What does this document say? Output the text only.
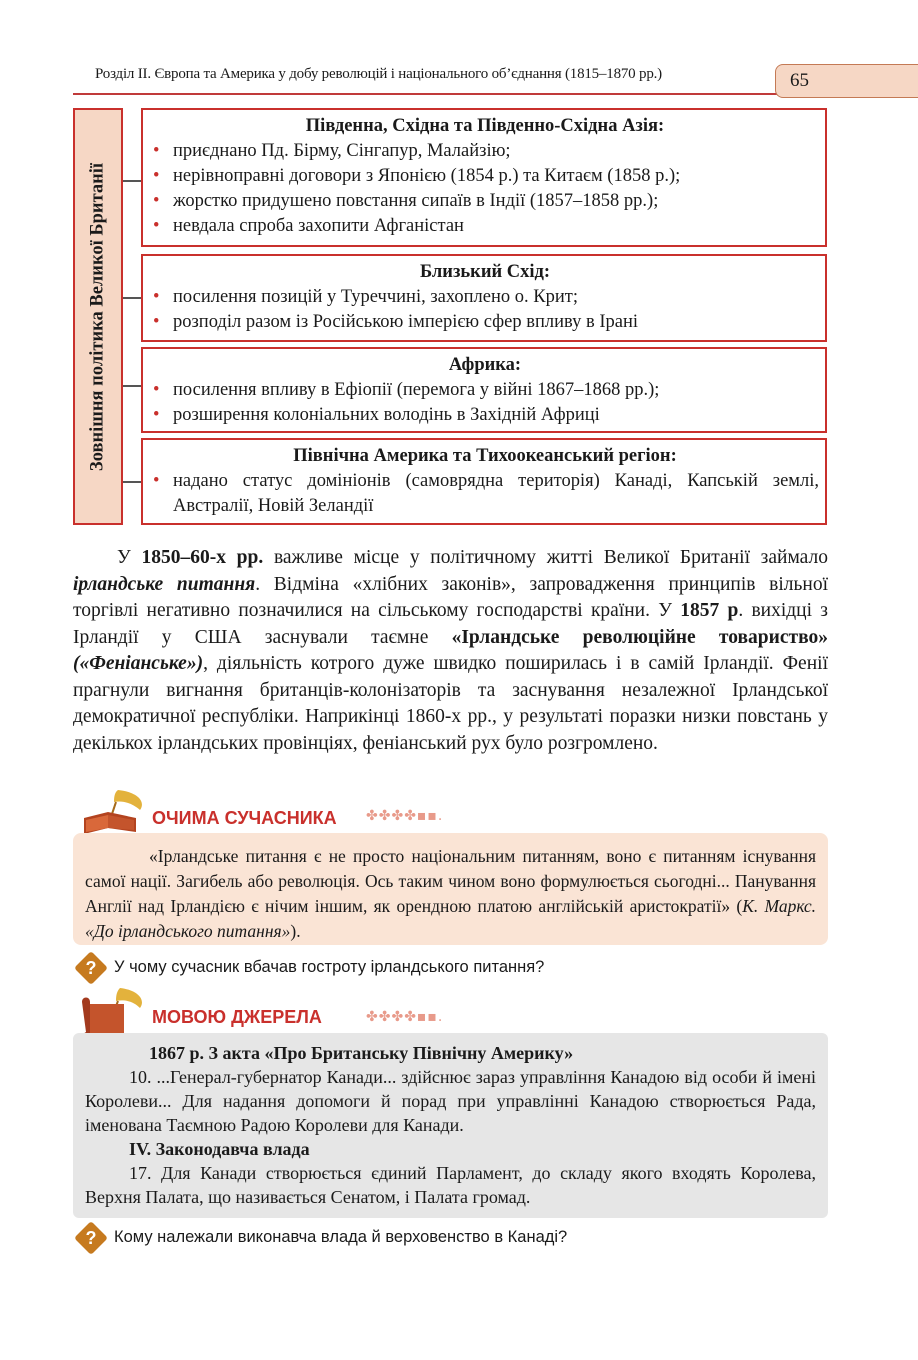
Розділ ІІ. Європа та Америка у добу революцій і національного об’єднання (1815–1870 рр.)	65
Зовнішня політика Великої Британії
Південна, Східна та Південно-Східна Азія:
• приєднано Пд. Бірму, Сінгапур, Малайзію;
• нерівноправні договори з Японією (1854 р.) та Китаєм (1858 р.);
• жорстко придушено повстання сипаїв в Індії (1857–1858 рр.);
• невдала спроба захопити Афганістан
Близький Схід:
• посилення позицій у Туреччині, захоплено о. Крит;
• розподіл разом із Російською імперією сфер впливу в Ірані
Африка:
• посилення впливу в Ефіопії (перемога у війні 1867–1868 рр.);
• розширення колоніальних володінь в Західній Африці
Північна Америка та Тихоокеанський регіон:
• надано статус домініонів (самоврядна територія) Канаді, Капській землі, Австралії, Новій Зеландії

У 1850–60-х рр. важливе місце у політичному житті Великої Британії займало ірландське питання. Відміна «хлібних законів», запровадження принципів вільної торгівлі негативно позначилися на сільському господарстві країни. У 1857 р. вихідці з Ірландії у США заснували таємне «Ірландське революційне товариство» («Феніанське»), діяльність котрого дуже швидко поширилась і в самій Ірландії. Фенії прагнули вигнання британців-колонізаторів та заснування незалежної Ірландської демократичної республіки. Наприкінці 1860-х рр., у результаті поразки низки повстань у декількох ірландських провінціях, феніанський рух було розгромлено.

ОЧИМА СУЧАСНИКА ✤✤✤✤▪▪.

«Ірландське питання є не просто національним питанням, воно є питанням існування самої нації. Загибель або революція. Ось таким чином воно формулюється сьогодні... Панування Англії над Ірландією є нічим іншим, як орендною платою англійській аристократії» (К. Маркс. «До ірландського питання»).

?	У чому сучасник вбачав гостроту ірландського питання?
МОВОЮ ДЖЕРЕЛА	✤✤✤✤▪▪.

1867 р. З акта «Про Британську Північну Америку»

10. ...Генерал-губернатор Канади... здійснює зараз управління Канадою від особи й імені Королеви... Для надання допомоги й порад при управлінні Канадою створюється Рада, іменована Таємною Радою Королеви для Канади.

IV. Законодавча влада

17. Для Канади створюється єдиний Парламент, до складу якого входять Королева, Верхня Палата, що називається Сенатом, і Палата громад.

?	Кому належали виконавча влада й верховенство в Канаді?
